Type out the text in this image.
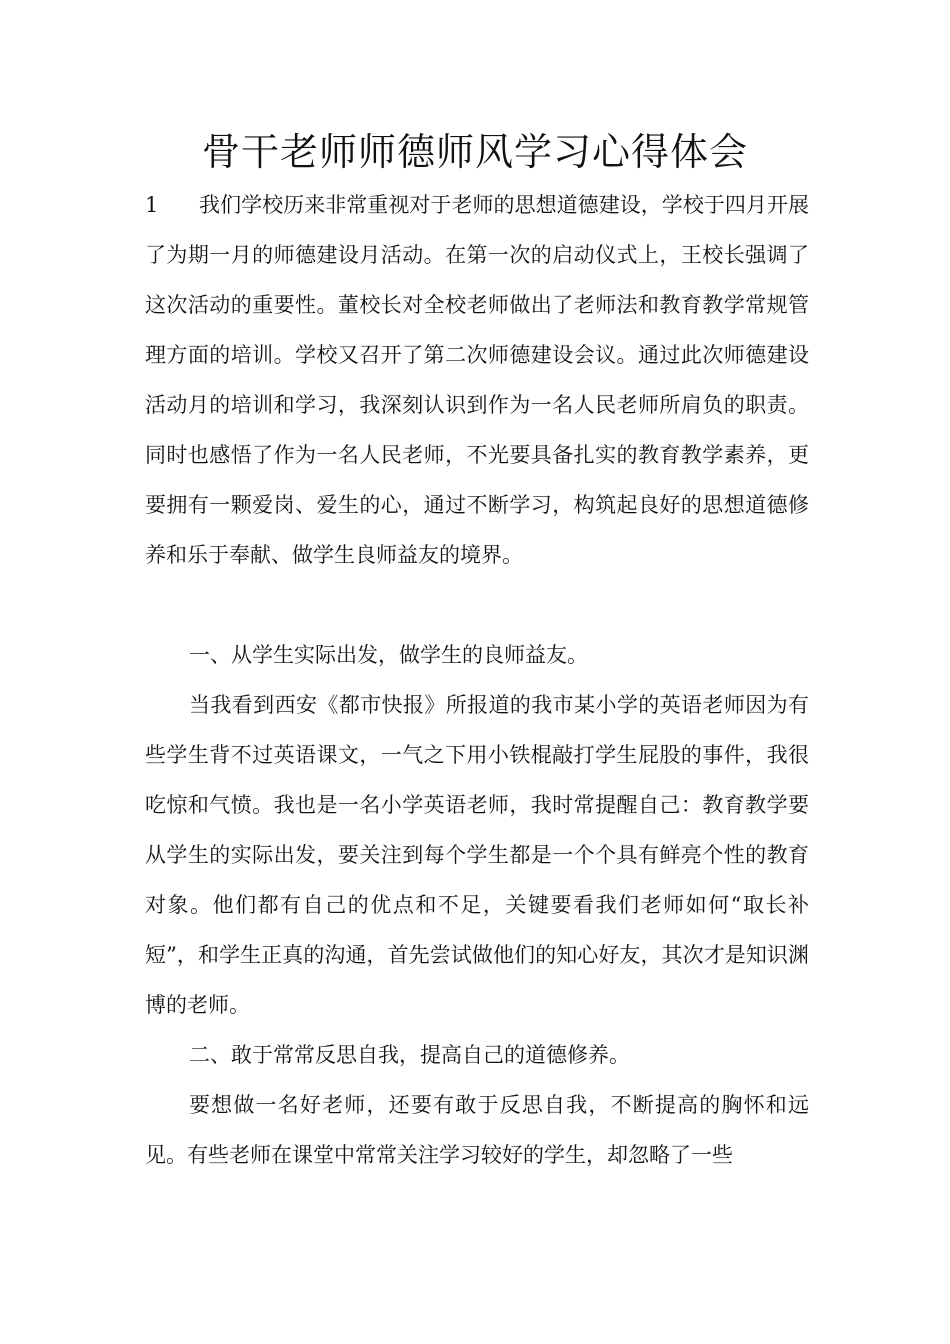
骨干老师师德师风学习心得体会

1 我们学校历来非常重视对于老师的思想道德建设，学校于四月开展了为期一月的师德建设月活动。在第一次的启动仪式上，王校长强调了这次活动的重要性。董校长对全校老师做出了老师法和教育教学常规管理方面的培训。学校又召开了第二次师德建设会议。通过此次师德建设活动月的培训和学习，我深刻认识到作为一名人民老师所肩负的职责。同时也感悟了作为一名人民老师，不光要具备扎实的教育教学素养，更要拥有一颗爱岗、爱生的心，通过不断学习，构筑起良好的思想道德修养和乐于奉献、做学生良师益友的境界。

一、从学生实际出发，做学生的良师益友。

当我看到西安《都市快报》所报道的我市某小学的英语老师因为有些学生背不过英语课文，一气之下用小铁棍敲打学生屁股的事件，我很吃惊和气愤。我也是一名小学英语老师，我时常提醒自己：教育教学要从学生的实际出发，要关注到每个学生都是一个个具有鲜亮个性的教育对象。他们都有自己的优点和不足，关键要看我们老师如何“取长补短”，和学生正真的沟通，首先尝试做他们的知心好友，其次才是知识渊博的老师。

二、敢于常常反思自我，提高自己的道德修养。

要想做一名好老师，还要有敢于反思自我，不断提高的胸怀和远见。有些老师在课堂中常常关注学习较好的学生，却忽略了一些
